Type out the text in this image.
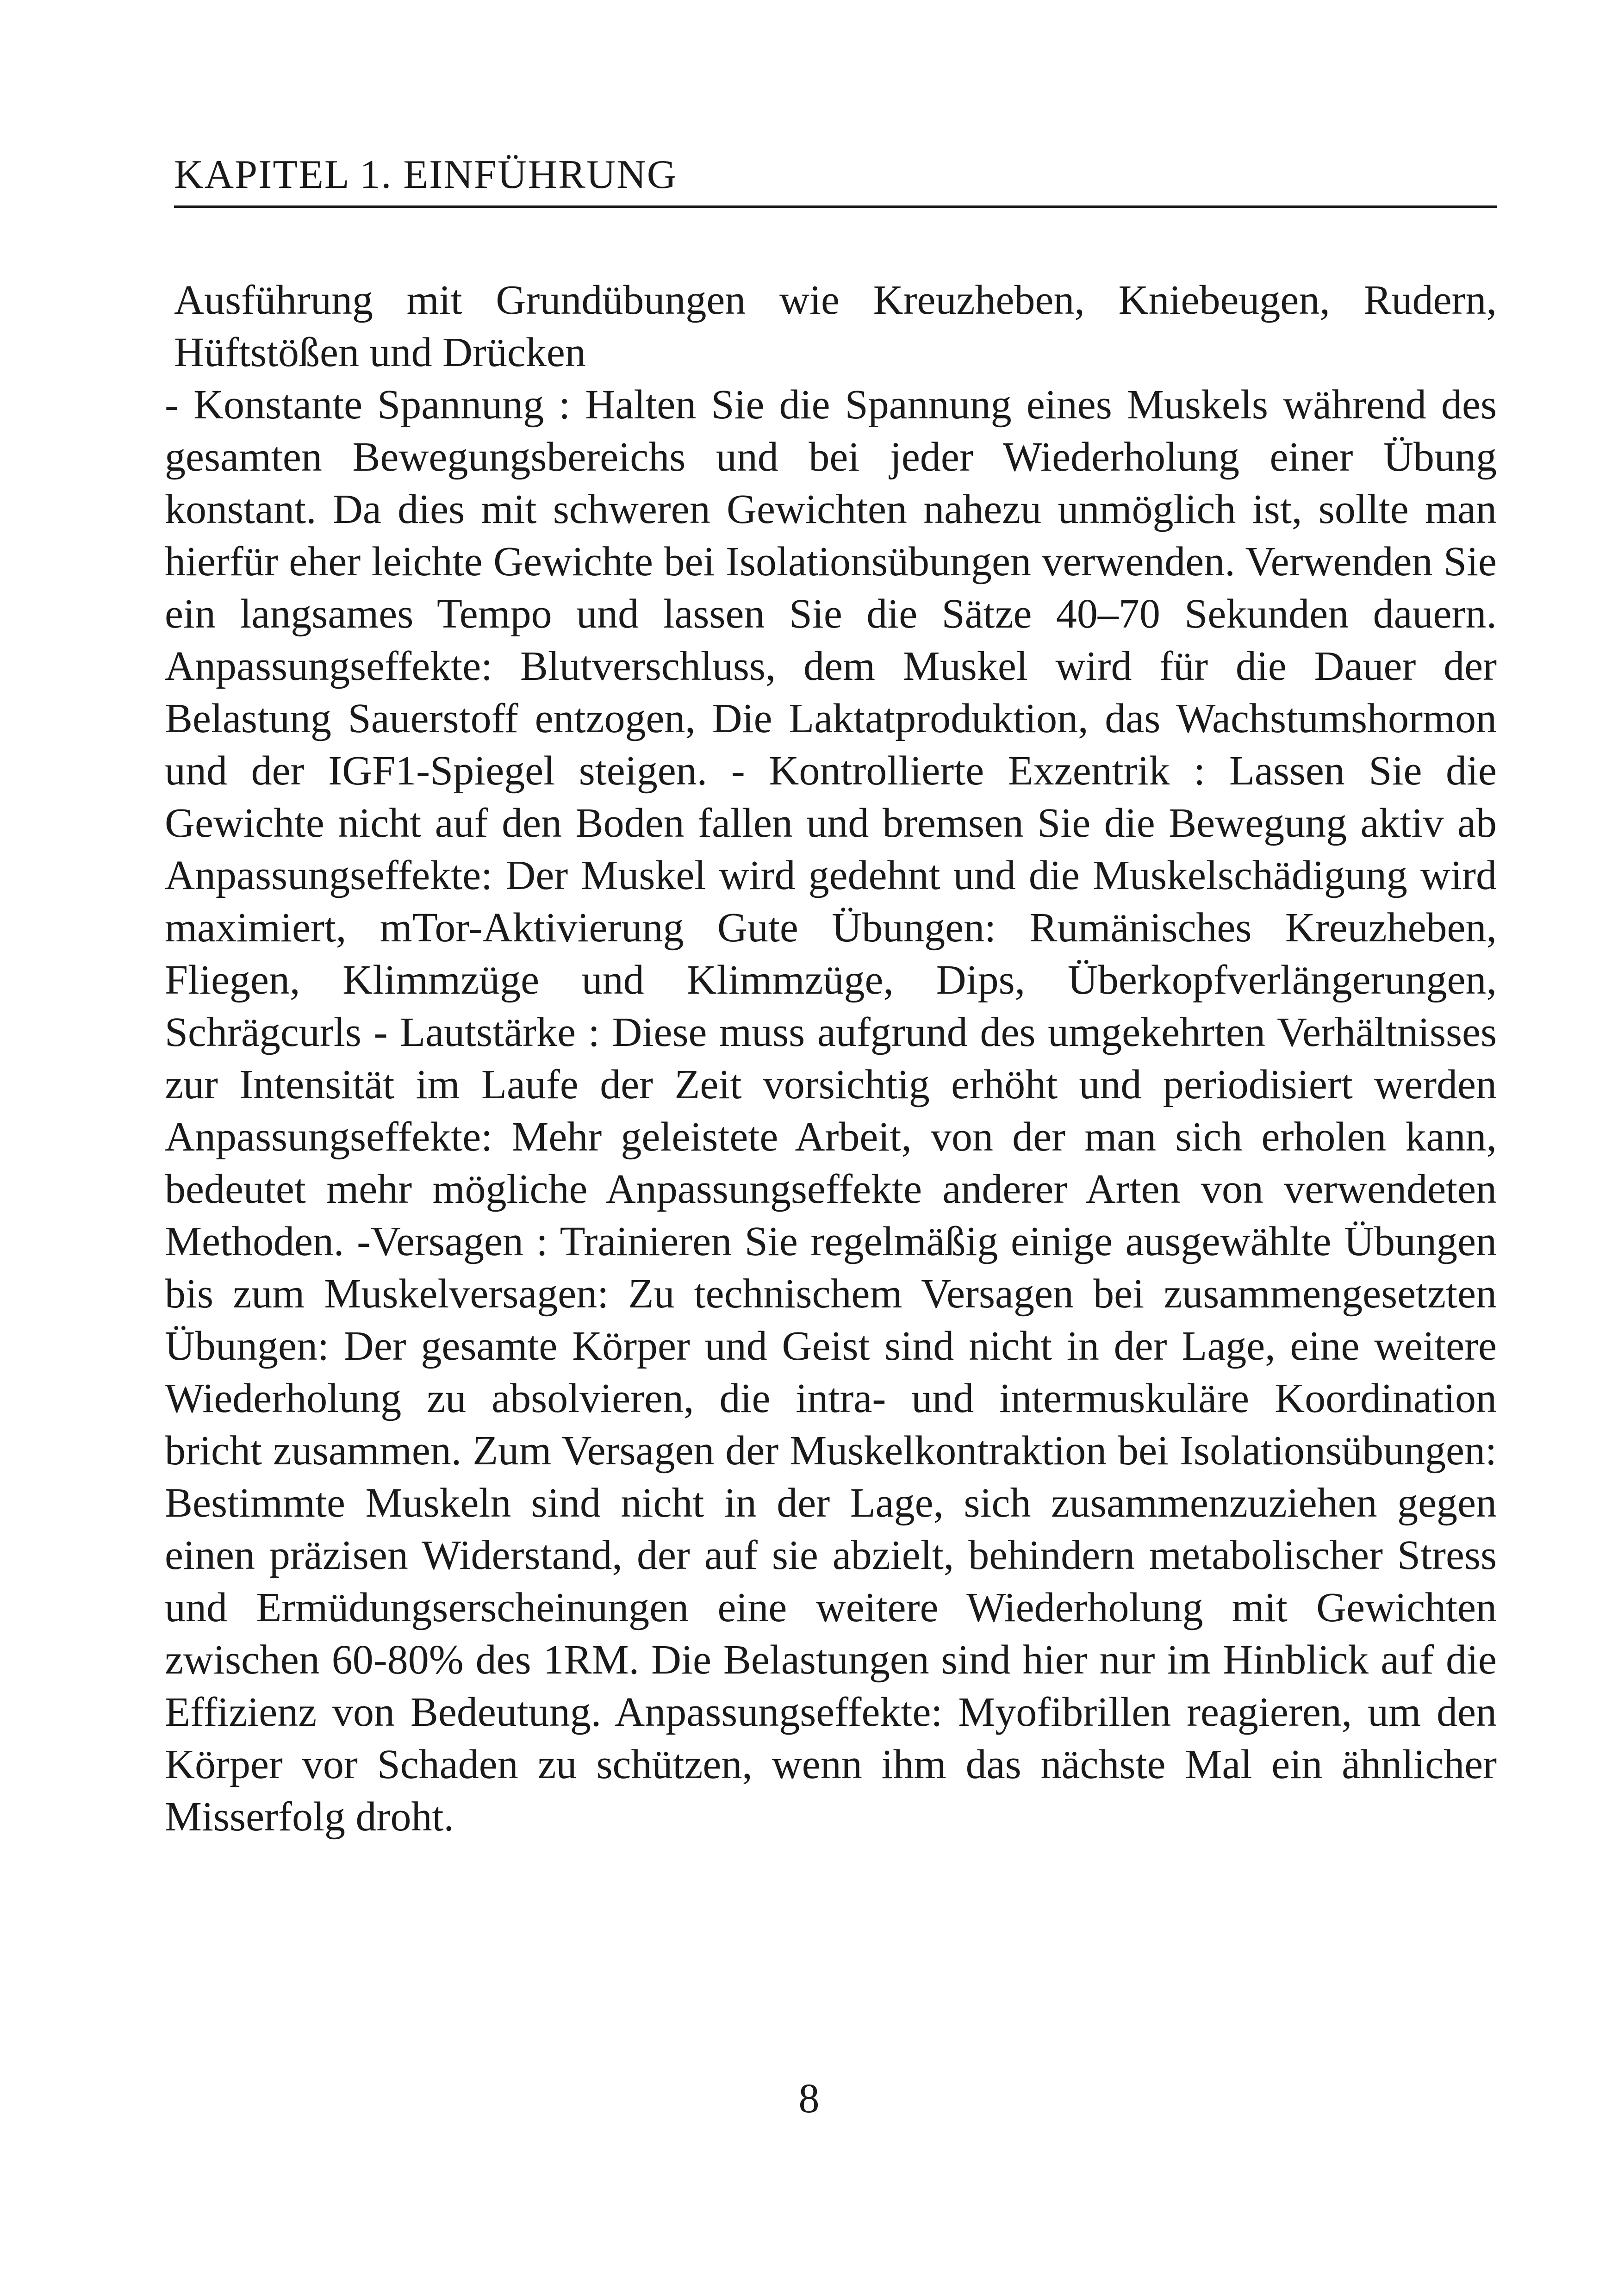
KAPITEL 1. EINFÜHRUNG

Ausführung mit Grundübungen wie Kreuzheben, Kniebeugen, Rudern, Hüftstößen und Drücken

- Konstante Spannung : Halten Sie die Spannung eines Muskels während des gesamten Bewegungsbereichs und bei jeder Wiederholung einer Übung konstant. Da dies mit schweren Gewichten nahezu unmöglich ist, sollte man hierfür eher leichte Gewichte bei Isolationsübungen verwenden. Verwenden Sie ein langsames Tempo und lassen Sie die Sätze 40–70 Sekunden dauern. Anpassungseffekte: Blutverschluss, dem Muskel wird für die Dauer der Belastung Sauerstoff entzogen, Die Laktatproduktion, das Wachstumshormon und der IGF1-Spiegel steigen. - Kontrollierte Exzentrik : Lassen Sie die Gewichte nicht auf den Boden fallen und bremsen Sie die Bewegung aktiv ab Anpassungseffekte: Der Muskel wird gedehnt und die Muskelschädigung wird maximiert, mTor-Aktivierung Gute Übungen: Rumänisches Kreuzheben, Fliegen, Klimmzüge und Klimmzüge, Dips, Überkopfverlängerungen, Schrägcurls - Lautstärke : Diese muss aufgrund des umgekehrten Verhältnisses zur Intensität im Laufe der Zeit vorsichtig erhöht und periodisiert werden Anpassungseffekte: Mehr geleistete Arbeit, von der man sich erholen kann, bedeutet mehr mögliche Anpassungseffekte anderer Arten von verwendeten Methoden. -Versagen : Trainieren Sie regelmäßig einige ausgewählte Übungen bis zum Muskelversagen: Zu technischem Versagen bei zusammengesetzten Übungen: Der gesamte Körper und Geist sind nicht in der Lage, eine weitere Wiederholung zu absolvieren, die intra- und intermuskuläre Koordination bricht zusammen. Zum Versagen der Muskelkontraktion bei Isolationsübungen: Bestimmte Muskeln sind nicht in der Lage, sich zusammenzuziehen gegen einen präzisen Widerstand, der auf sie abzielt, behindern metabolischer Stress und Ermüdungserscheinungen eine weitere Wiederholung mit Gewichten zwischen 60-80% des 1RM. Die Belastungen sind hier nur im Hinblick auf die Effizienz von Bedeutung. Anpassungseffekte: Myofibrillen reagieren, um den Körper vor Schaden zu schützen, wenn ihm das nächste Mal ein ähnlicher Misserfolg droht.

8
